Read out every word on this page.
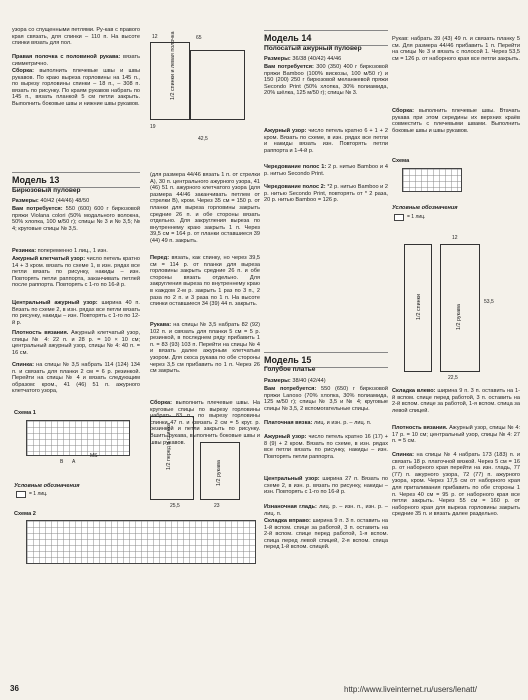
узора со спущенными петлями. Ру-кав с правого края связать, для спинки – 110 п. На высоте спинки вязать для пол.
Правая полочка с половиной рукава: вязать симметрично.
Сборка: выполнить плечевые швы и швы рукавов. По краю выреза горловины на 145 п., по вырезу горловины спинки – 18 п., – 308 п. вязать по рисунку. По краям рукавов набрать по 145 п., вязать планкой 5 см петли закрыть. Выполнить боковые швы и нижние швы рукавов.
Модель 13
Бирюзовый пуловер
Размеры: 40/42 (44/46) 48/50
Вам потребуется: 550 (600) 600 г бирюзовой пряжи Violana colori (50% модального волокна, 50% хлопка, 100 м/50 г); спицы № 3 и № 3,5; № 4; круговые спицы № 3,5.
Резинка: попеременно 1 лиц., 1 изн.
Ажурный клетчатый узор: число петель кратно 14 + 3 кром. вязать по схеме 1, в изн. рядах все петли вязать по рисунку, накиды – изн. Повторять петли раппорта, заканчивать петлей после раппорта. Повторять с 1-го по 16-й р.
Центральный ажурный узор: ширина 40 п. Вязать по схеме 2, в изн. рядах все петли вязать по рисунку, накиды – изн. Повторять с 1-го по 12-й р.
Плотность вязания. Ажурный клетчатый узор, спицы № 4: 22 п. и 28 р. = 10 × 10 см; центральный ажурный узор, спицы № 4: 40 п. = 16 см.
Спинка: на спицы № 3,5 набрать 114 (124) 134 п. и связать для планки 2 см = 6 р. резинкой. Перейти на спицы № 4 и вязать следующим образом: кром., 41 (46) 51 п. ажурного клетчатого узора,
Схема 1
B A
MS
Условные обозначения
= 1 лиц.
Схема 2
1/2 спинки и левая полочка	65
12
42,5
19
(для размера 44/46 вязать 1 п. от стрелки А), 30 п. центрального ажурного узора, 41 (46) 51 п. ажурного клетчатого узора (для размера 44/46 заканчивать петлем от стрелки В), кром. Через 35 см = 150 р. от планки для выреза горловины закрыть средние 26 п. и обе стороны вязать отдельно. Для закругления выреза по внутреннему краю закрыть 1 п. Через 39,5 см = 164 р. от планки оставшиеся 39 (44) 49 п. закрыть.
Перед: вязать, как спинку, но через 39,5 см = 114 р. от планки для выреза горловины закрыть средние 26 п. и обе стороны вязать отдельно. Для закругления выреза по внутреннему краю в каждом 2-м р. закрыть 1 раз по 3 п., 2 раза по 2 п. и 3 раза по 1 п. На высоте спинки оставшиеся 34 (39) 44 п. закрыть.
Рукава: на спицы № 3,5 набрать 82 (92) 102 п. и связать для планки 5 см = 5 р. резинкой, в последнем ряду прибавить 1 п. = 83 (93) 103 п. Перейти на спицы № 4 и вязать далее ажурным клетчатым узором. Для скоса рукава по обе стороны через 3,5 см прибавить по 1 п. Через 26 см закрыть.
Сборка: выполнить плечевые швы. На круговые спицы по вырезу горловины набрать 83 п., по вырезу горловины спинки 47 п. и связать 2 см = 5 круг. р. резинкой и петли закрыть по рисунку. Вшить рукава, выполнить боковые швы и швы рукавов.
1/2 перед и спинка
1/2 рукава
25,5	23
Модель 14
Полосатый ажурный пуловер
Размеры: 36/38 (40/42) 44/46
Вам потребуется: 300 (350) 400 г бирюзовой пряжи Bamboo (100% вискозы, 100 м/50 г) и 150 (200) 250 г бирюзовой меланжевой пряжи Secondo Print (50% хлопка, 30% полиамида, 20% шёлка, 125 м/50 г); спицы № 3.
Ажурный узор: число петель кратно 6 + 1 + 2 кром. Вязать по схеме, в изн. рядах все петли и накиды вязать изн. Повторять петли раппорта и 1-4-й р.
Чередование полос 1: 2 р. нитью Bamboo и 4 р. нитью Secondo Print.
Чередование полос 2: *2 р. нитью Bamboo и 2 р. нитью Secondo Print, повторять от * 2 раза, 20 р. нитью Bamboo = 126 р.
Модель 15
Голубое платье
Размеры: 38/40 (42/44)
Вам потребуется: 550 (650) г бирюзовой пряжи Lanoso (70% хлопка, 30% полиамида, 125 м/50 г); спицы № 3,5 и № 4; круговые спицы № 3,5, 2 вспомогательные спицы.
Платочная вязка: лиц. и изн. р. – лиц. п.
Ажурный узор: число петель кратно 16 (17) + 8 (9) + 2 кром. Вязать по схеме, в изн. рядах все петли вязать по рисунку, накиды – изн. Повторять петли раппорта.
Центральный узор: ширина 27 п. Вязать по схеме 2, в изн. р. вязать по рисунку, накиды – изн. Повторять с 1-го по 16-й р.
Изнаночная гладь: лиц. р. – изн. п., изн. р. – лиц. п.
Складка вправо: ширина 9 п. 3 п. оставить на 1-й вспом. спице за работой, 3 п. оставить на 2-й вспом. спице перед работой, 1-я вспом. спица перед левой спицей, 2-я вспом. спица перед 1-й вспом. спицей.
Рукав: набрать 39 (43) 49 п. и связать планку 5 см. Для размера 44/46 прибавить 1 п. Перейти на спицы № 3 и вязать с полосой 1. Через 53,5 см = 126 р. от наборного края все петли закрыть.
Сборка: выполнить плечевые швы. Втачать рукава при этом середины их верхних краёв совместить с плечевыми швами. Выполнить боковые швы и швы рукавов.
Схема
Условные обозначения
= 1 лиц.
1/2 рукава
1/2 спинки
12
53,5
22,5
Складка влево: ширина 9 п. 3 п. оставить на 1-й вспом. спице перед работой, 3 п. оставить на 2-й вспом. спице за работой, 1-я вспом. спица за левой спицей.
Плотность вязания. Ажурный узор, спицы № 4: 17 р. = 10 см; центральный узор, спицы № 4: 27 п. = 5 см.
Спинка: на спицы № 4 набрать 173 (183) п. и связать 18 р. платочной вязкой. Через 5 см = 16 р. от наборного края перейти на изн. гладь, 77 (77) п. ажурного узора, 72 (77) п. ажурного узора, кром. Через 17,5 см от наборного края для приталивания прибавить по обе стороны 1 п. Через 40 см = 95 р. от наборного края все петли закрыть. Через 55 см = 160 р. от наборного края для выреза горловины закрыть средние 35 п. и вязать далее раздельно.
36	http://www.liveinternet.ru/users/lenatt/
